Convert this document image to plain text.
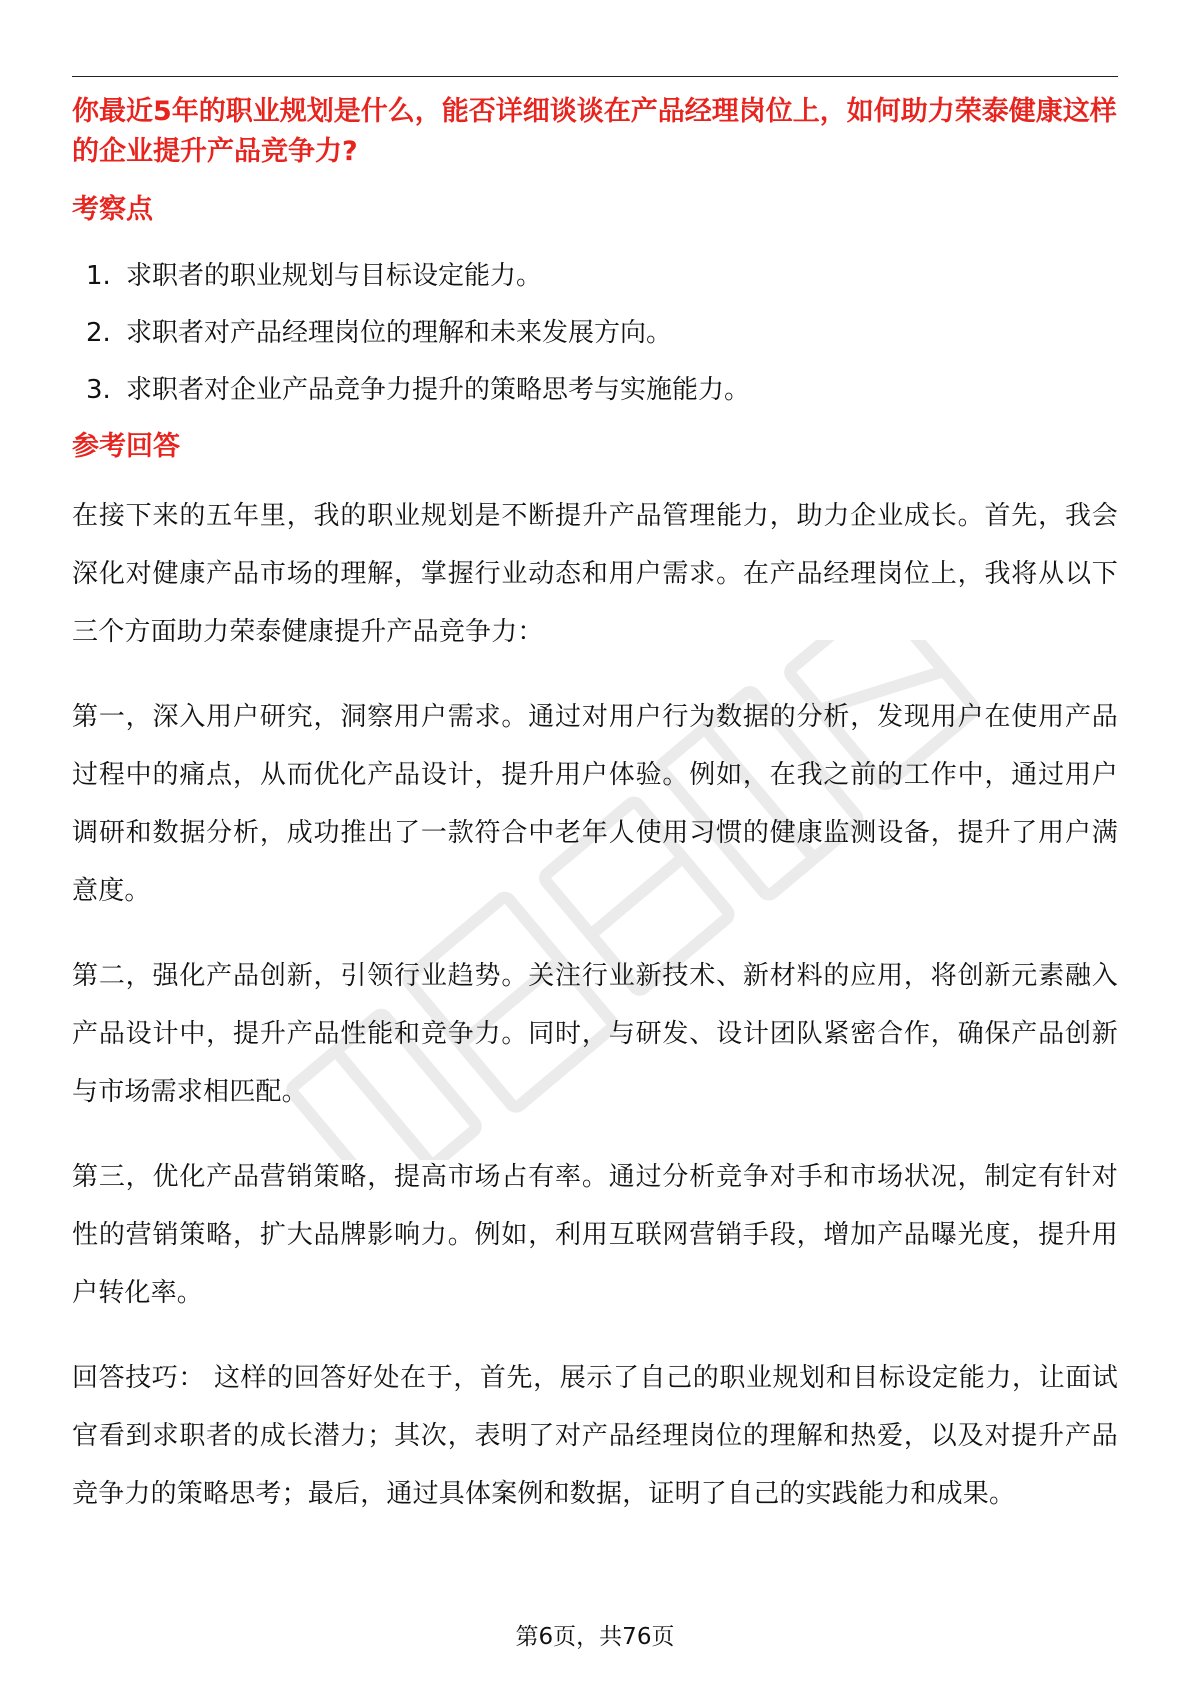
你最近5年的职业规划是什么，能否详细谈谈在产品经理岗位上，如何助力荣泰健康这样的企业提升产品竞争力?

考察点
1. 求职者的职业规划与目标设定能力。
2. 求职者对产品经理岗位的理解和未来发展方向。
3. 求职者对企业产品竞争力提升的策略思考与实施能力。
参考回答

在接下来的五年里，我的职业规划是不断提升产品管理能力，助力企业成长。首先，我会深化对健康产品市场的理解，掌握行业动态和用户需求。在产品经理岗位上，我将从以下三个方面助力荣泰健康提升产品竞争力：

第一，深入用户研究，洞察用户需求。通过对用户行为数据的分析，发现用户在使用产品过程中的痛点，从而优化产品设计，提升用户体验。例如，在我之前的工作中，通过用户调研和数据分析，成功推出了一款符合中老年人使用习惯的健康监测设备，提升了用户满意度。

第二，强化产品创新，引领行业趋势。关注行业新技术、新材料的应用，将创新元素融入产品设计中，提升产品性能和竞争力。同时，与研发、设计团队紧密合作，确保产品创新与市场需求相匹配。

第三，优化产品营销策略，提高市场占有率。通过分析竞争对手和市场状况，制定有针对性的营销策略，扩大品牌影响力。例如，利用互联网营销手段，增加产品曝光度，提升用户转化率。

回答技巧： 这样的回答好处在于，首先，展示了自己的职业规划和目标设定能力，让面试官看到求职者的成长潜力；其次，表明了对产品经理岗位的理解和热爱，以及对提升产品竞争力的策略思考；最后，通过具体案例和数据，证明了自己的实践能力和成果。

第6页，共76页
